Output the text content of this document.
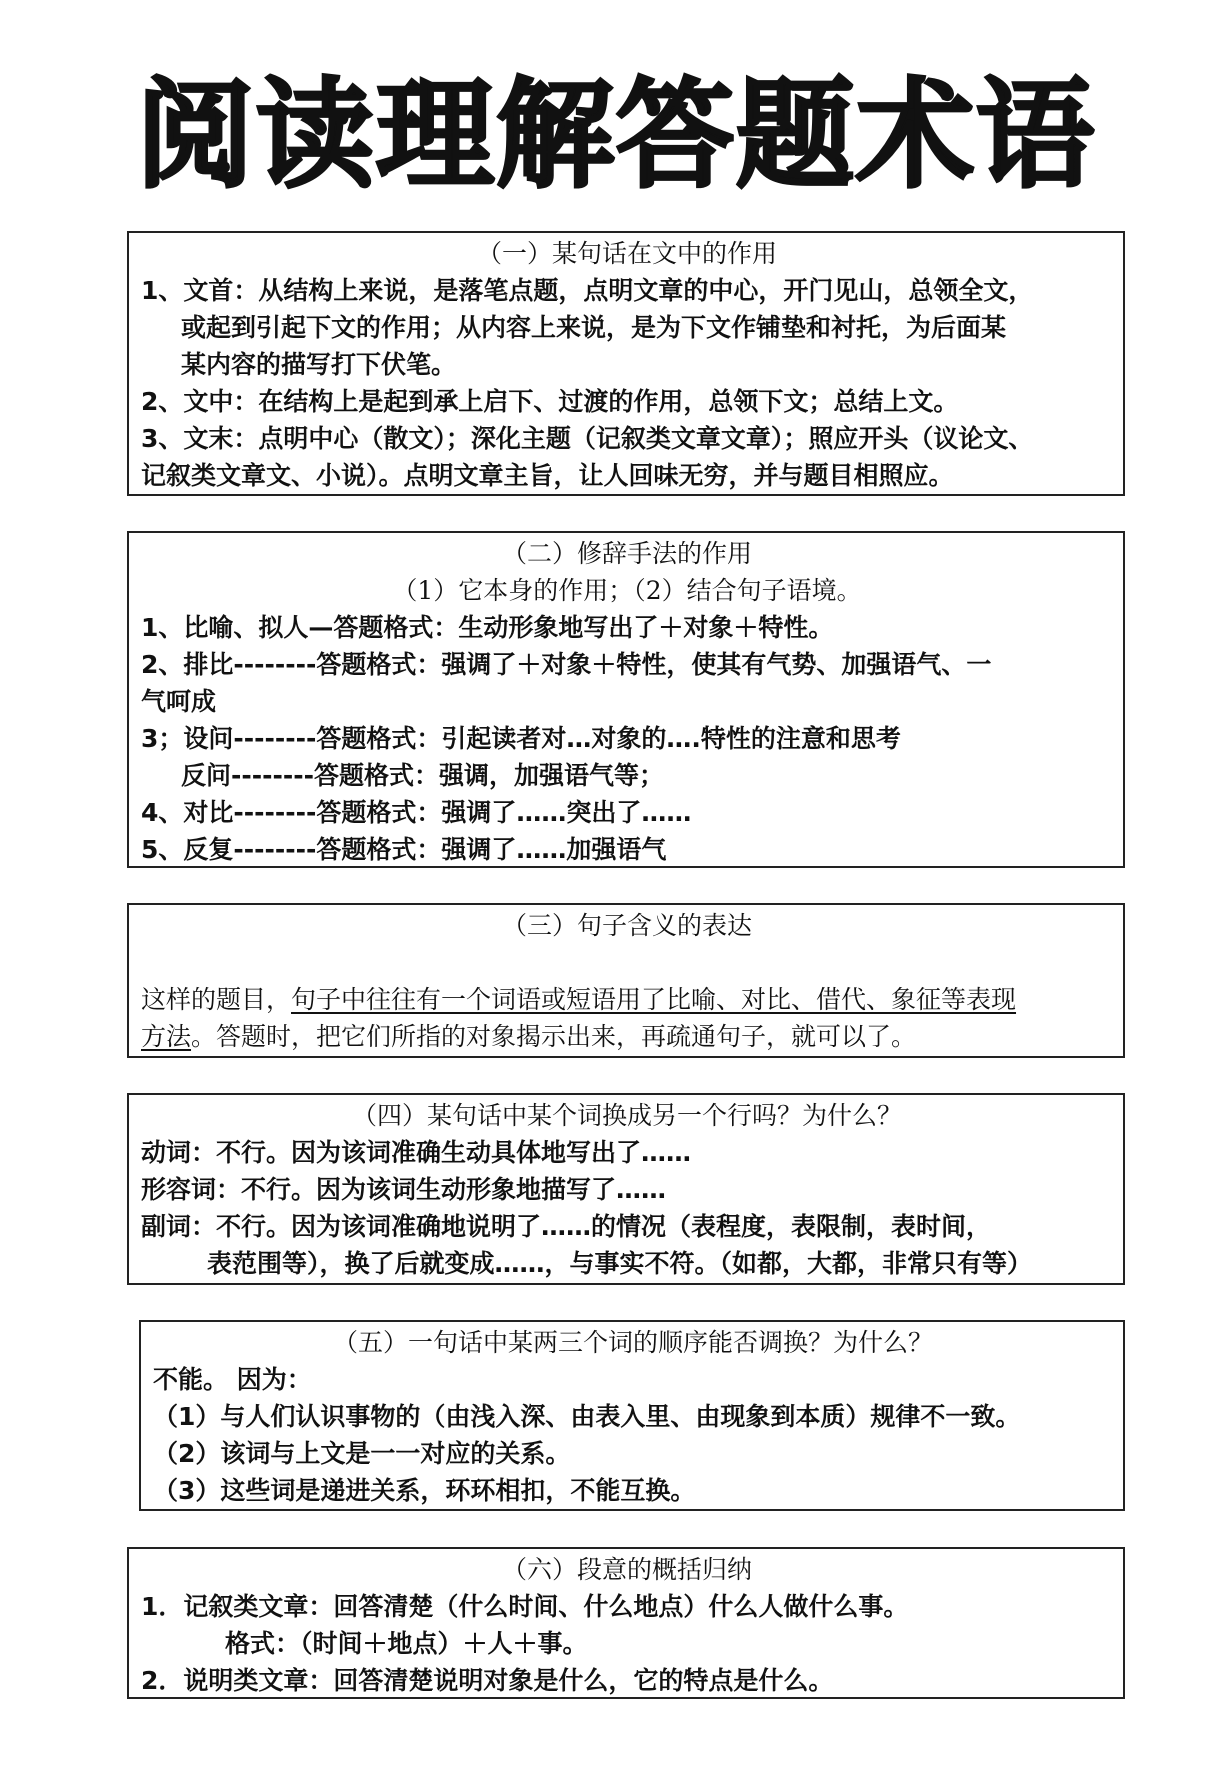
阅读理解答题术语
（一）某句话在文中的作用
1、文首：从结构上来说，是落笔点题，点明文章的中心，开门见山，总领全文，
或起到引起下文的作用；从内容上来说，是为下文作铺垫和衬托，为后面某
某内容的描写打下伏笔。
2、文中：在结构上是起到承上启下、过渡的作用，总领下文；总结上文。
3、文末：点明中心（散文）；深化主题（记叙类文章文章）；照应开头（议论文、
记叙类文章文、小说）。点明文章主旨，让人回味无穷，并与题目相照应。
（二）修辞手法的作用
（1）它本身的作用；（2）结合句子语境。
1、比喻、拟人—答题格式：生动形象地写出了＋对象＋特性。
2、排比--------答题格式：强调了＋对象＋特性，使其有气势、加强语气、一
气呵成
3；设问--------答题格式：引起读者对…对象的….特性的注意和思考
反问--------答题格式：强调，加强语气等；
4、对比--------答题格式：强调了……突出了……
5、反复--------答题格式：强调了……加强语气
（三）句子含义的表达
这样的题目，句子中往往有一个词语或短语用了比喻、对比、借代、象征等表现
方法。答题时，把它们所指的对象揭示出来，再疏通句子，就可以了。
（四）某句话中某个词换成另一个行吗？为什么？
动词：不行。因为该词准确生动具体地写出了……
形容词：不行。因为该词生动形象地描写了……
副词：不行。因为该词准确地说明了……的情况（表程度，表限制，表时间，
表范围等），换了后就变成……，与事实不符。（如都，大都，非常只有等）
（五）一句话中某两三个词的顺序能否调换？为什么？
不能。 因为：
（1）与人们认识事物的（由浅入深、由表入里、由现象到本质）规律不一致。
（2）该词与上文是一一对应的关系。
（3）这些词是递进关系，环环相扣，不能互换。
（六）段意的概括归纳
1．记叙类文章：回答清楚（什么时间、什么地点）什么人做什么事。
格式：（时间＋地点）＋人＋事。
2．说明类文章：回答清楚说明对象是什么，它的特点是什么。
